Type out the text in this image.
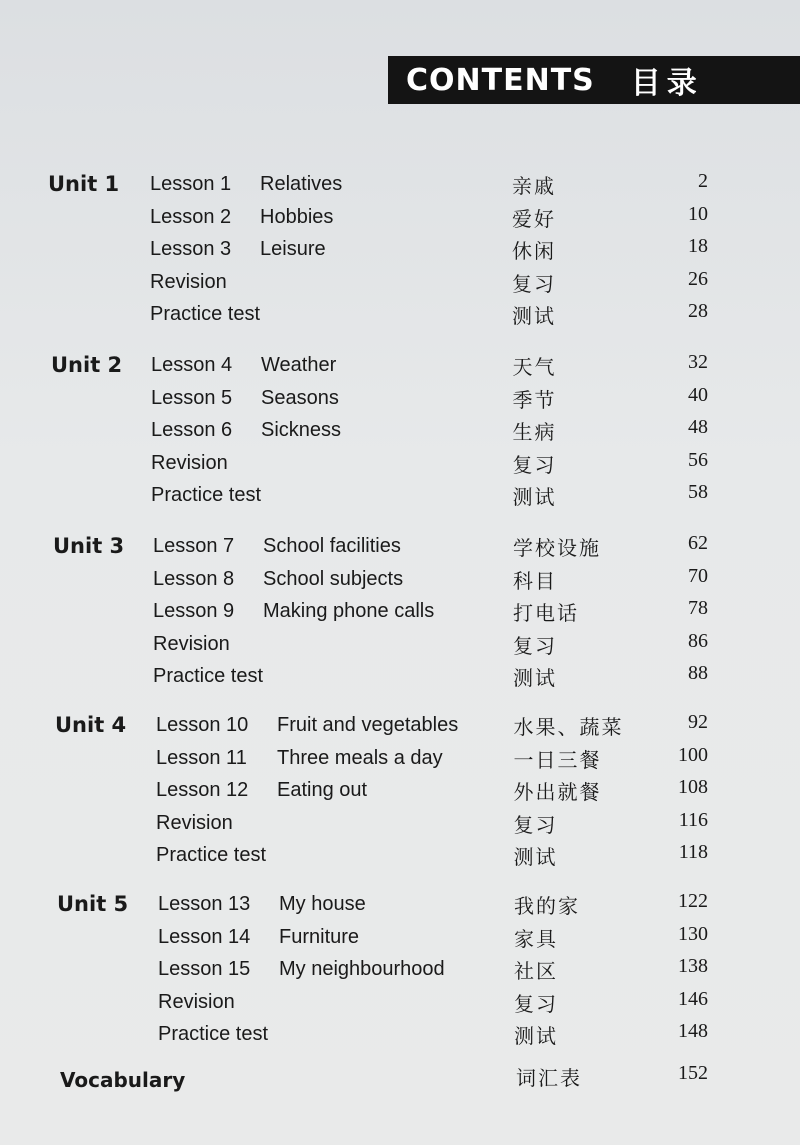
CONTENTS 目录
Unit 1 Lesson 1 Relatives	亲戚	2
Lesson 2 Hobbies	爱好	10
Lesson 3 Leisure	休闲	18
Revision	复习	26
Practice test	测试	28
Unit 2 Lesson 4 Weather	天气	32
Lesson 5 Seasons	季节	40
Lesson 6 Sickness	生病	48
Revision	复习	56
Practice test	测试	58
Unit 3 Lesson 7 School facilities	学校设施	62
Lesson 8 School subjects	科目	70
Lesson 9 Making phone calls	打电话	78
Revision	复习	86
Practice test	测试	88
Unit 4 Lesson 10 Fruit and vegetables	水果、蔬菜	92
Lesson 11 Three meals a day	一日三餐	100
Lesson 12 Eating out	外出就餐	108
Revision	复习	116
Practice test	测试	118
Unit 5 Lesson 13 My house	我的家	122
Lesson 14 Furniture	家具	130
Lesson 15 My neighbourhood	社区	138
Revision	复习	146
Practice test	测试	148
Vocabulary	词汇表	152
